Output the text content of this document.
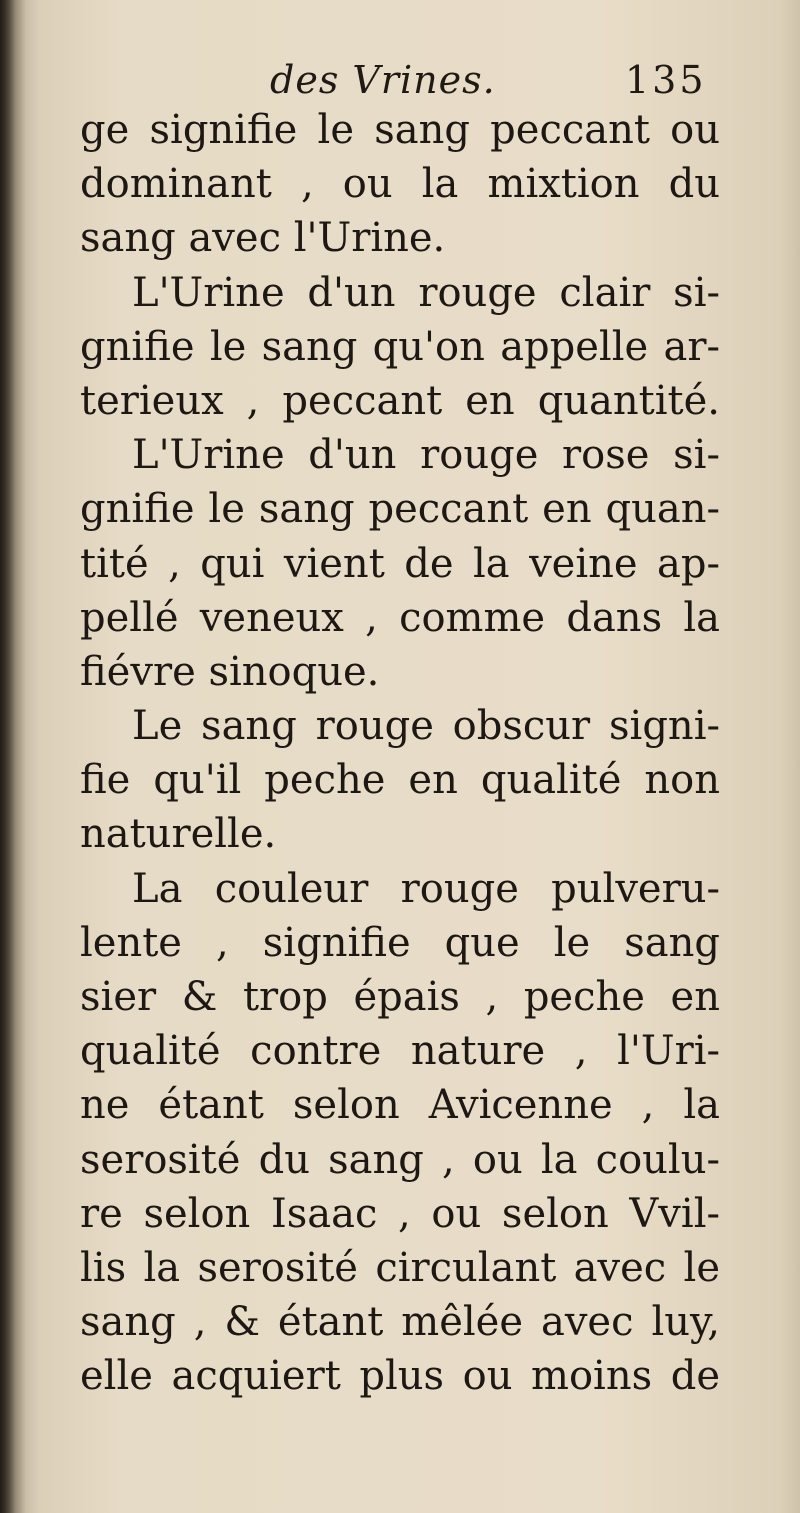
des Vrines.	135
ge signifie le sang peccant ou
dominant , ou la mixtion du
sang avec l'Urine.
L'Urine d'un rouge clair si-
gnifie le sang qu'on appelle ar-
terieux , peccant en quantité.
L'Urine d'un rouge rose si-
gnifie le sang peccant en quan-
tité , qui vient de la veine ap-
pellé veneux , comme dans la
fiévre sinoque.
Le sang rouge obscur signi-
fie qu'il peche en qualité non
naturelle.
La couleur rouge pulveru-
lente , signifie que le sang
sier & trop épais , peche en
qualité contre nature , l'Uri-
ne étant selon Avicenne , la
serosité du sang , ou la coulu-
re selon Isaac , ou selon Vvil-
lis la serosité circulant avec le
sang , & étant mêlée avec luy,
elle acquiert plus ou moins de
